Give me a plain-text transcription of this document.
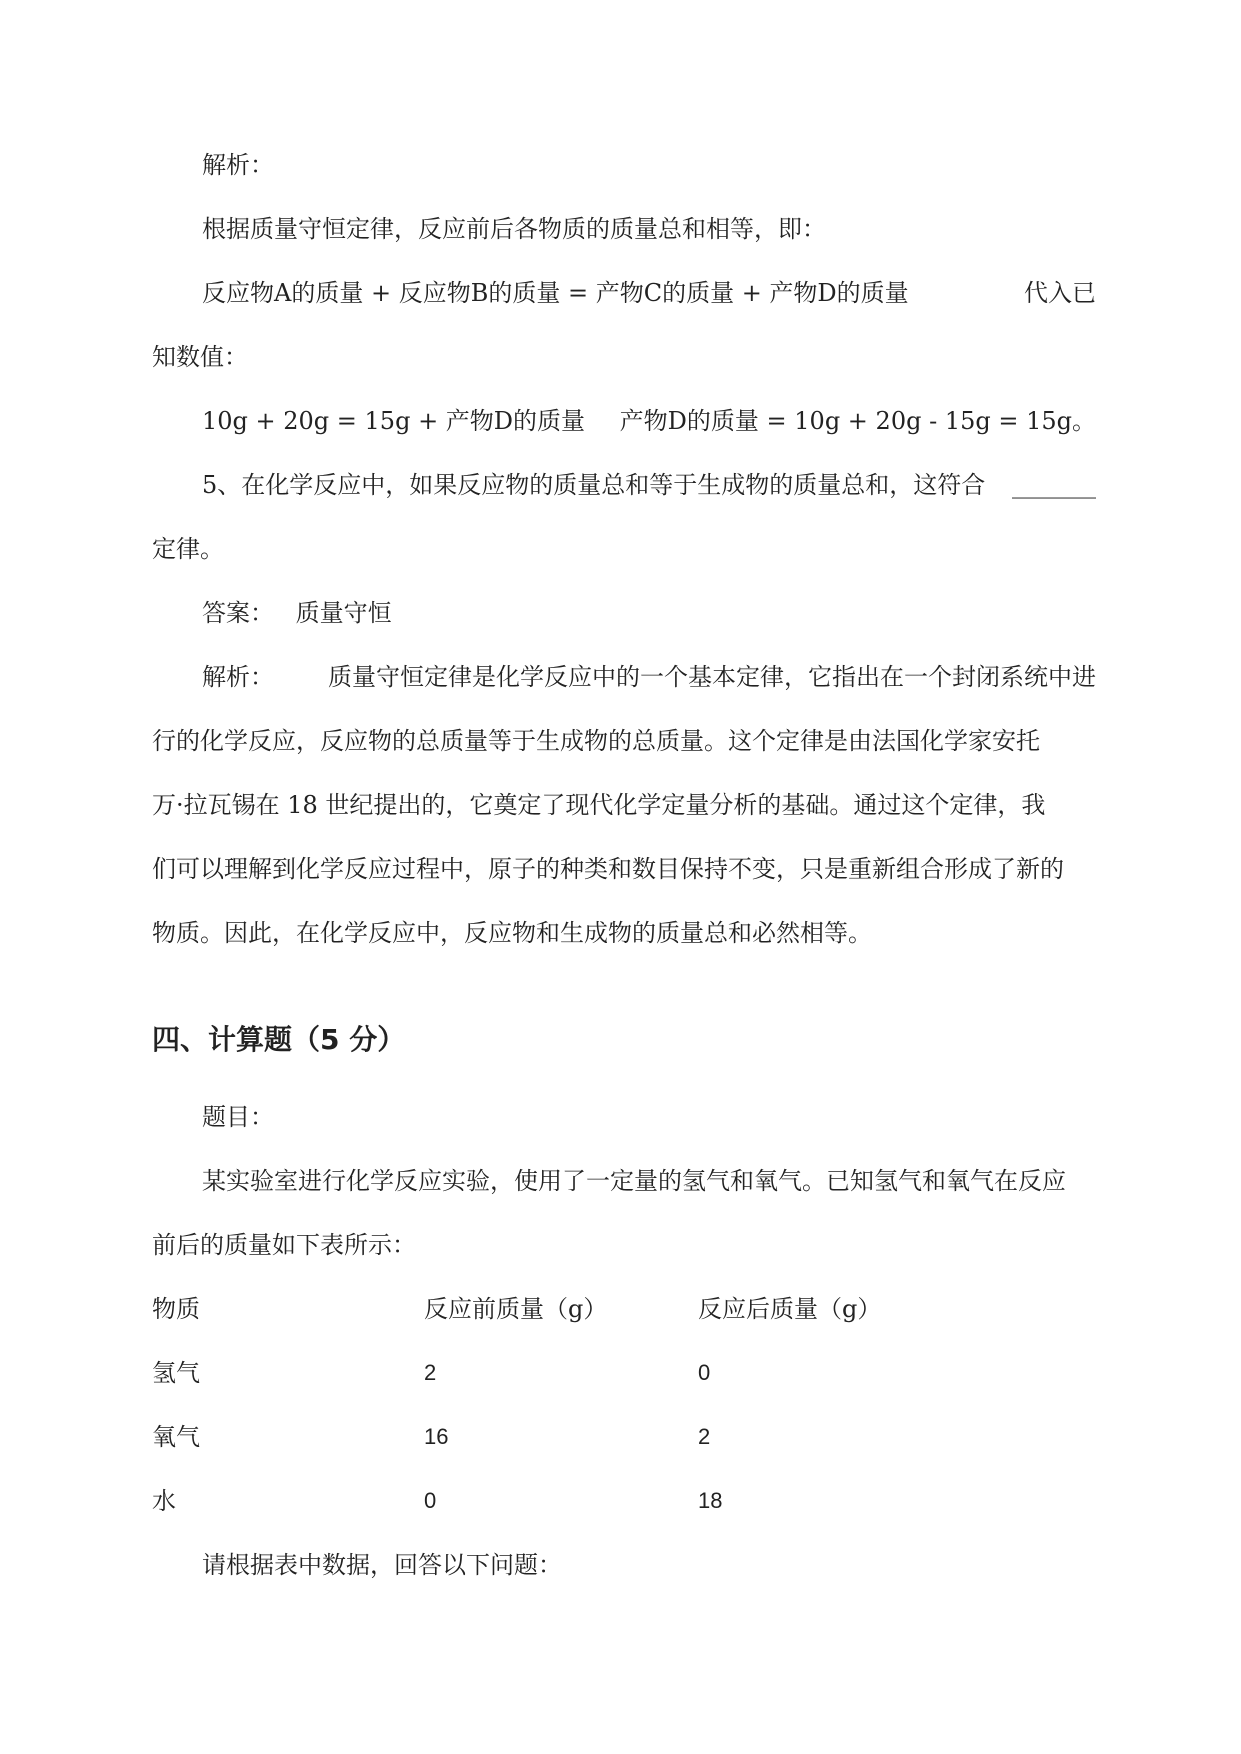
解析：
根据质量守恒定律，反应前后各物质的质量总和相等，即：
反应物A的质量 + 反应物B的质量 = 产物C的质量 + 产物D的质量	代入已
知数值：
10g + 20g = 15g + 产物D的质量 产物D的质量 = 10g + 20g - 15g = 15g。
5、在化学反应中，如果反应物的质量总和等于生成物的质量总和，这符合 _______
定律。
答案： 质量守恒
解析： 质量守恒定律是化学反应中的一个基本定律，它指出在一个封闭系统中进
行的化学反应，反应物的总质量等于生成物的总质量。这个定律是由法国化学家安托
万·拉瓦锡在 18 世纪提出的，它奠定了现代化学定量分析的基础。通过这个定律，我
们可以理解到化学反应过程中，原子的种类和数目保持不变，只是重新组合形成了新的
物质。因此，在化学反应中，反应物和生成物的质量总和必然相等。
四、计算题（5 分）
题目：
某实验室进行化学反应实验，使用了一定量的氢气和氧气。已知氢气和氧气在反应
前后的质量如下表所示：
物质	反应前质量（g）	反应后质量（g）
氢气	2	0
氧气	16	2
水	0	18
请根据表中数据，回答以下问题：
